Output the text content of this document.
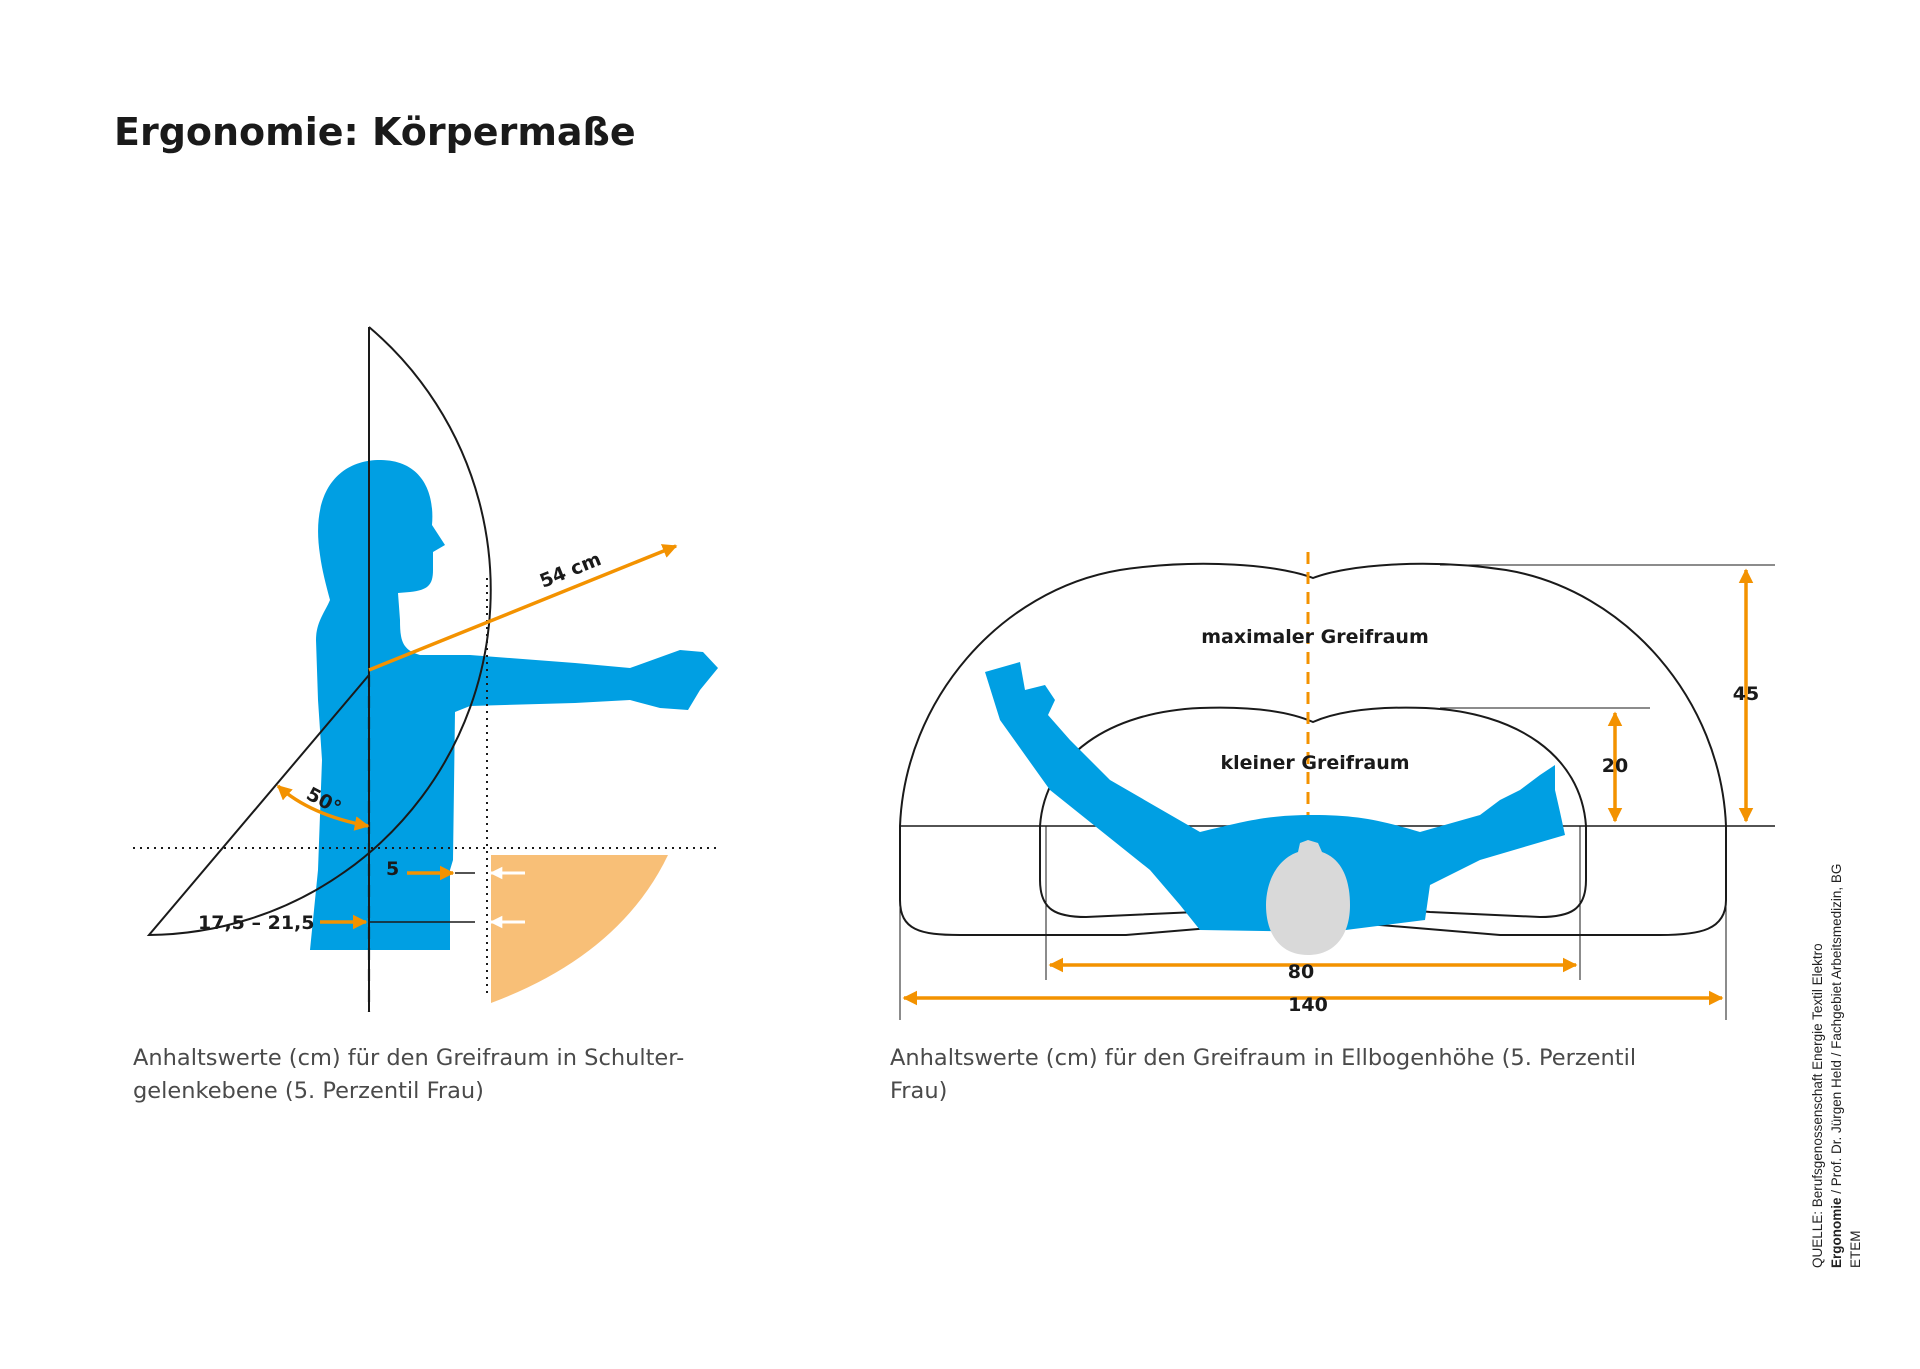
Ergonomie: Körpermaße
54 cm
50°
5
17,5 – 21,5
80
140
45
20
maximaler Greifraum
kleiner Greifraum

Anhaltswerte (cm) für den Greifraum in Schulter-gelenkebene (5. Perzentil Frau)

Anhaltswerte (cm) für den Greifraum in Ellbogenhöhe (5. Perzentil Frau)	QUELLE: Berufsgenossenschaft Energie Textil Elektro Ergonomie / Prof. Dr. Jürgen Held / Fachgebiet Arbeitsmedizin, BG ETEM
